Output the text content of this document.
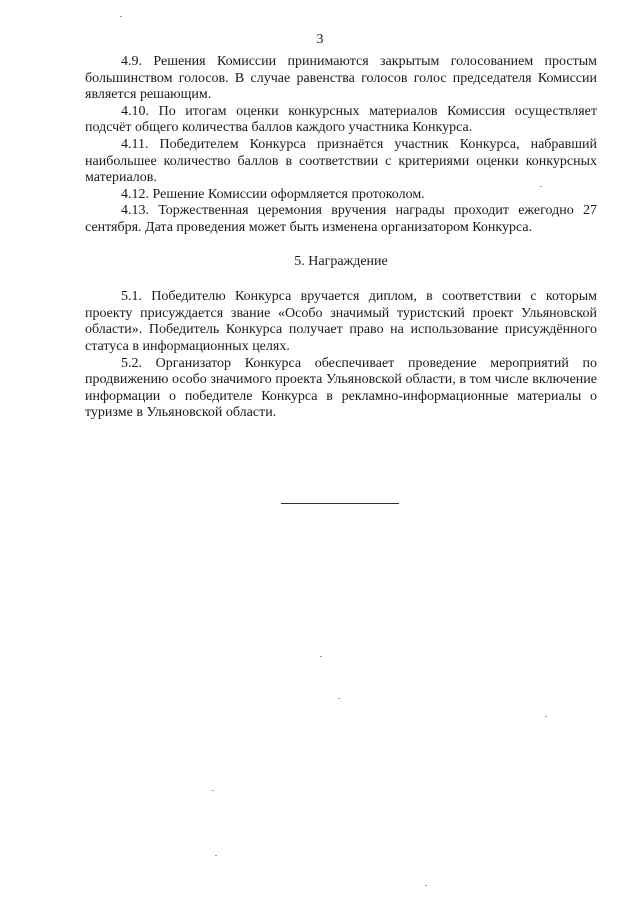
3

4.9. Решения Комиссии принимаются закрытым голосованием простым большинством голосов. В случае равенства голосов голос председателя Комиссии является решающим.

4.10. По итогам оценки конкурсных материалов Комиссия осуществляет подсчёт общего количества баллов каждого участника Конкурса.

4.11. Победителем Конкурса признаётся участник Конкурса, набравший наибольшее количество баллов в соответствии с критериями оценки конкурсных материалов.

4.12. Решение Комиссии оформляется протоколом.

4.13. Торжественная церемония вручения награды проходит ежегодно 27 сентября. Дата проведения может быть изменена организатором Конкурса.

5. Награждение

5.1. Победителю Конкурса вручается диплом, в соответствии с которым проекту присуждается звание «Особо значимый туристский проект Ульяновской области». Победитель Конкурса получает право на использование присуждённого статуса в информационных целях.

5.2. Организатор Конкурса обеспечивает проведение мероприятий по продвижению особо значимого проекта Ульяновской области, в том числе включение информации о победителе Конкурса в рекламно-информационные материалы о туризме в Ульяновской области.
